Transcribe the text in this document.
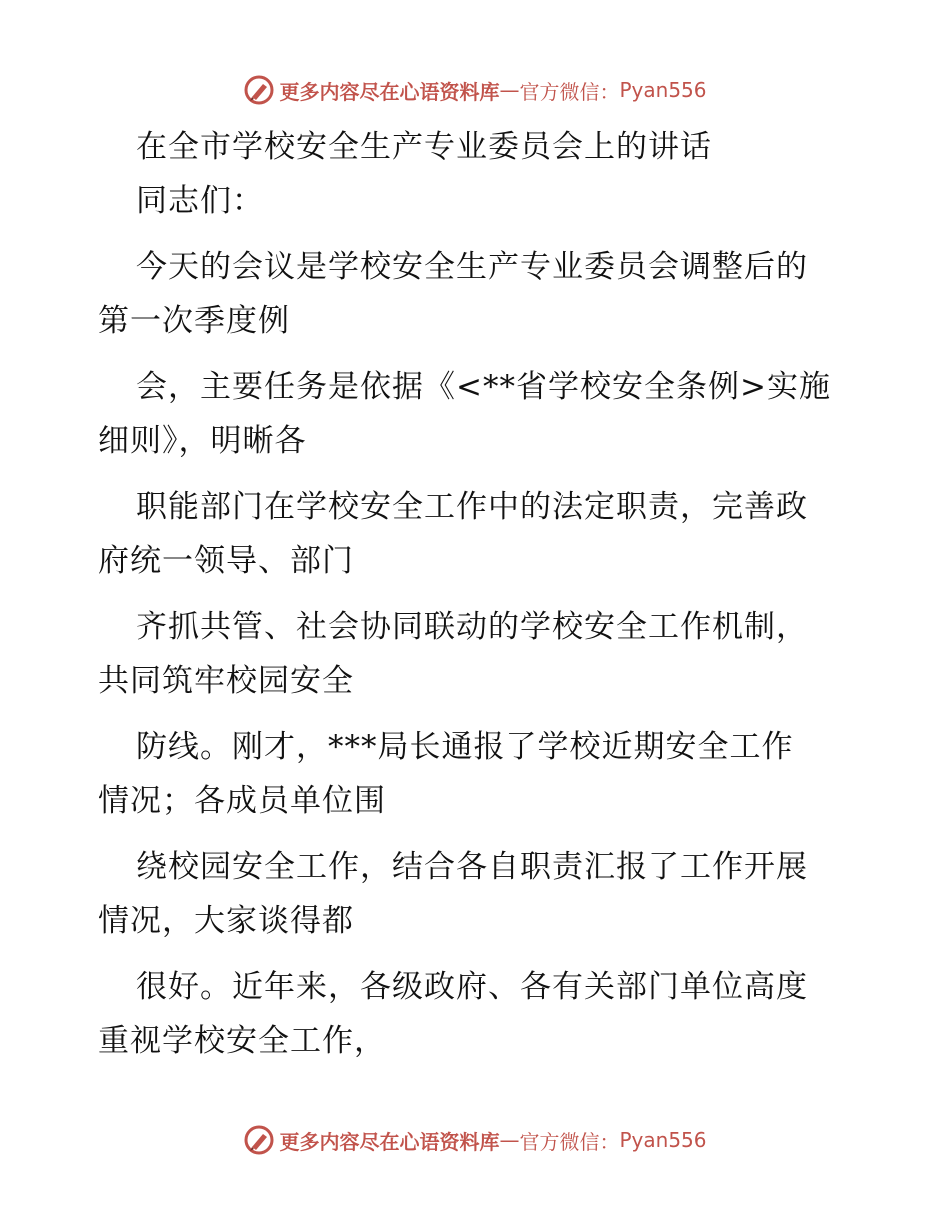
更多内容尽在心语资料库 — 官方微信： Pyan556
在全市学校安全生产专业委员会上的讲话
同志们：
今天的会议是学校安全生产专业委员会调整后的
第一次季度例
会，主要任务是依据《<**省学校安全条例>实施
细则》，明晰各
职能部门在学校安全工作中的法定职责，完善政
府统一领导、部门
齐抓共管、社会协同联动的学校安全工作机制，
共同筑牢校园安全
防线。刚才，***局长通报了学校近期安全工作
情况；各成员单位围
绕校园安全工作，结合各自职责汇报了工作开展
情况，大家谈得都
很好。近年来，各级政府、各有关部门单位高度
重视学校安全工作，
更多内容尽在心语资料库 — 官方微信： Pyan556
